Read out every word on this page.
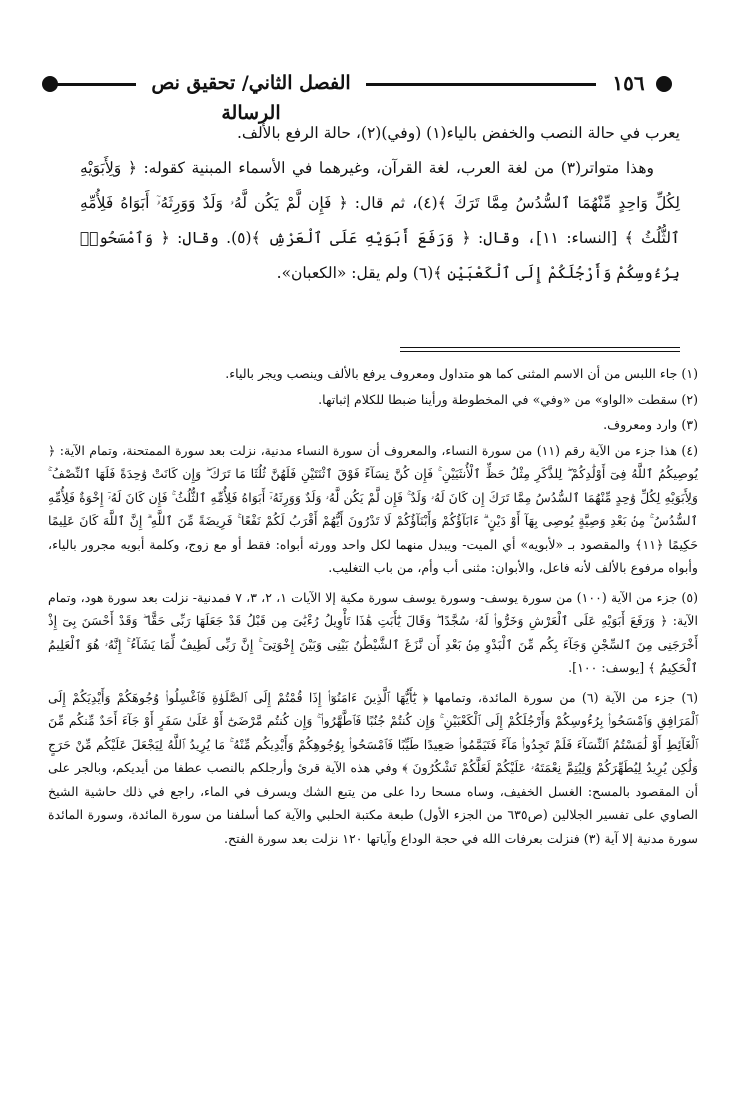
الفصل الثاني/ تحقيق نص الرسالة
١٥٦

يعرب في حالة النصب والخفض بالياء(١) (وفي)(٢)، حالة الرفع بالألف.

وهذا متواتر(٣) من لغة العرب، لغة القرآن، وغيرهما في الأسماء المبنية كقوله: ﴿ وَلِأَبَوَيْهِ لِكُلِّ وَاحِدٍ مِّنْهُمَا ٱلسُّدُسُ مِمَّا تَرَكَ ﴾(٤)، ثم قال: ﴿ فَإِن لَّمْ يَكُن لَّهُۥ وَلَدٌ وَوَرِثَهُۥٓ أَبَوَاهُ فَلِأُمِّهِ ٱلثُّلُثُ ﴾ [النساء: ١١]، وقال: ﴿ وَرَفَعَ أَبَوَيْهِ عَلَى ٱلْعَرْشِ ﴾(٥). وقال: ﴿ وَٱمْسَحُوا۟ بِرُءُوسِكُمْ وَأَرْجُلَكُمْ إِلَى ٱلْكَعْبَيْنِ ﴾(٦) ولم يقل: «الكعبان».

(١) جاء اللبس من أن الاسم المثنى كما هو متداول ومعروف يرفع بالألف وينصب ويجر بالياء.

(٢) سقطت «الواو» من «وفي» في المخطوطة ورأينا ضبطا للكلام إثباتها.

(٣) وارد ومعروف.

(٤) هذا جزء من الآية رقم (١١) من سورة النساء، والمعروف أن سورة النساء مدنية، نزلت بعد سورة الممتحنة، وتمام الآية: ﴿ يُوصِيكُمُ ٱللَّهُ فِىٓ أَوْلَٰدِكُمْ ۖ لِلذَّكَرِ مِثْلُ حَظِّ ٱلْأُنثَيَيْنِ ۚ فَإِن كُنَّ نِسَآءً فَوْقَ ٱثْنَتَيْنِ فَلَهُنَّ ثُلُثَا مَا تَرَكَ ۖ وَإِن كَانَتْ وَٰحِدَةً فَلَهَا ٱلنِّصْفُ ۚ وَلِأَبَوَيْهِ لِكُلِّ وَٰحِدٍ مِّنْهُمَا ٱلسُّدُسُ مِمَّا تَرَكَ إِن كَانَ لَهُۥ وَلَدٌ ۚ فَإِن لَّمْ يَكُن لَّهُۥ وَلَدٌ وَوَرِثَهُۥٓ أَبَوَاهُ فَلِأُمِّهِ ٱلثُّلُثُ ۚ فَإِن كَانَ لَهُۥٓ إِخْوَةٌ فَلِأُمِّهِ ٱلسُّدُسُ ۚ مِنۢ بَعْدِ وَصِيَّةٍ يُوصِى بِهَآ أَوْ دَيْنٍ ۗ ءَابَآؤُكُمْ وَأَبْنَآؤُكُمْ لَا تَدْرُونَ أَيُّهُمْ أَقْرَبُ لَكُمْ نَفْعًا ۚ فَرِيضَةً مِّنَ ٱللَّهِ ۗ إِنَّ ٱللَّهَ كَانَ عَلِيمًا حَكِيمًا ﴿١١﴾ والمقصود بـ «لأبويه» أي الميت- ويبدل منهما لكل واحد وورثه أبواه: فقط أو مع زوج، وكلمة أبويه مجرور بالياء، وأبواه مرفوع بالألف لأنه فاعل، والأبوان: مثنى أب وأم، من باب التغليب.

(٥) جزء من الآية (١٠٠) من سورة يوسف- وسورة يوسف سورة مكية إلا الآيات ١، ٢، ٣، ٧ فمدنية- نزلت بعد سورة هود، وتمام الآية: ﴿ وَرَفَعَ أَبَوَيْهِ عَلَى ٱلْعَرْشِ وَخَرُّوا۟ لَهُۥ سُجَّدًا ۖ وَقَالَ يَٰٓأَبَتِ هَٰذَا تَأْوِيلُ رُءْيَٰىَ مِن قَبْلُ قَدْ جَعَلَهَا رَبِّى حَقًّا ۖ وَقَدْ أَحْسَنَ بِىٓ إِذْ أَخْرَجَنِى مِنَ ٱلسِّجْنِ وَجَآءَ بِكُم مِّنَ ٱلْبَدْوِ مِنۢ بَعْدِ أَن نَّزَغَ ٱلشَّيْطَٰنُ بَيْنِى وَبَيْنَ إِخْوَتِىٓ ۚ إِنَّ رَبِّى لَطِيفٌ لِّمَا يَشَآءُ ۚ إِنَّهُۥ هُوَ ٱلْعَلِيمُ ٱلْحَكِيمُ ﴾ [يوسف: ١٠٠].

(٦) جزء من الآية (٦) من سورة المائدة، وتمامها ﴿ يَٰٓأَيُّهَا ٱلَّذِينَ ءَامَنُوٓا۟ إِذَا قُمْتُمْ إِلَى ٱلصَّلَوٰةِ فَٱغْسِلُوا۟ وُجُوهَكُمْ وَأَيْدِيَكُمْ إِلَى ٱلْمَرَافِقِ وَٱمْسَحُوا۟ بِرُءُوسِكُمْ وَأَرْجُلَكُمْ إِلَى ٱلْكَعْبَيْنِ ۚ وَإِن كُنتُمْ جُنُبًا فَٱطَّهَّرُوا۟ ۚ وَإِن كُنتُم مَّرْضَىٰٓ أَوْ عَلَىٰ سَفَرٍ أَوْ جَآءَ أَحَدٌ مِّنكُم مِّنَ ٱلْغَآئِطِ أَوْ لَٰمَسْتُمُ ٱلنِّسَآءَ فَلَمْ تَجِدُوا۟ مَآءً فَتَيَمَّمُوا۟ صَعِيدًا طَيِّبًا فَٱمْسَحُوا۟ بِوُجُوهِكُمْ وَأَيْدِيكُم مِّنْهُ ۚ مَا يُرِيدُ ٱللَّهُ لِيَجْعَلَ عَلَيْكُم مِّنْ حَرَجٍ وَلَٰكِن يُرِيدُ لِيُطَهِّرَكُمْ وَلِيُتِمَّ نِعْمَتَهُۥ عَلَيْكُمْ لَعَلَّكُمْ تَشْكُرُونَ ﴾ وفي هذه الآية قرئ وأرجلكم بالنصب عطفا من أيديكم، وبالجر على أن المقصود بالمسح: الغسل الخفيف، وساه مسحا ردا على من يتبع الشك ويسرف في الماء، راجع في ذلك حاشية الشيخ الصاوي على تفسير الجلالين (ص٦٣٥ من الجزء الأول) طبعة مكتبة الحلبي والآية كما أسلفنا من سورة المائدة، وسورة المائدة سورة مدنية إلا آية (٣) فنزلت بعرفات الله في حجة الوداع وآياتها ١٢٠ نزلت بعد سورة الفتح.
